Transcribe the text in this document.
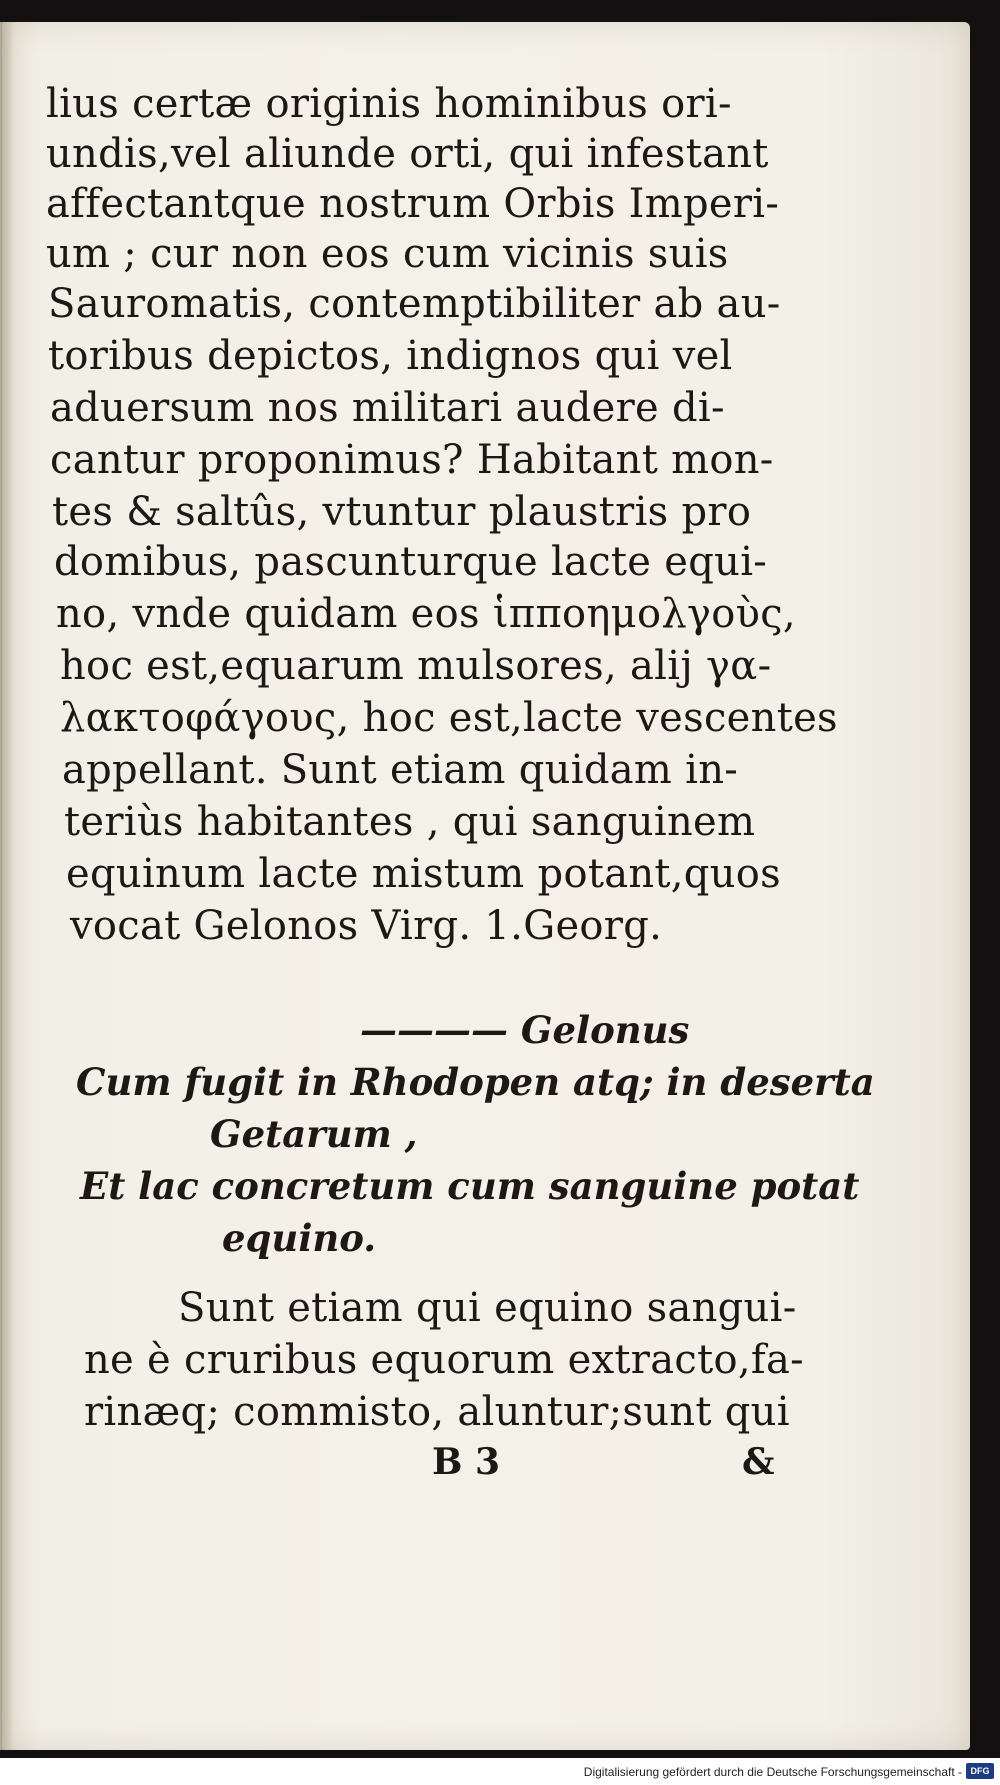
lius certæ originis hominibus ori-

undis,vel aliunde orti, qui infestant

affectantque nostrum Orbis Imperi-

um ; cur non eos cum vicinis suis

Sauromatis, contemptibiliter ab au-

toribus depictos, indignos qui vel

aduersum nos militari audere di-

cantur proponimus? Habitant mon-

tes & saltûs, vtuntur plaustris pro

domibus, pascunturque lacte equi-

no, vnde quidam eos ἱπποημολγοὺς,

hoc est,equarum mulsores, alij γα-

λακτοφάγους, hoc est,lacte vescentes

appellant. Sunt etiam quidam in-

teriùs habitantes , qui sanguinem

equinum lacte mistum potant,quos

vocat Gelonos Virg. 1.Georg.

———— Gelonus

Cum fugit in Rhodopen atq; in deserta

Getarum ,

Et lac concretum cum sanguine potat

equino.

Sunt etiam qui equino sangui-

ne è cruribus equorum extracto,fa-

rinæq; commisto, aluntur;sunt qui

B 3	&

Digitalisierung gefördert durch die Deutsche Forschungsgemeinschaft - DFG
